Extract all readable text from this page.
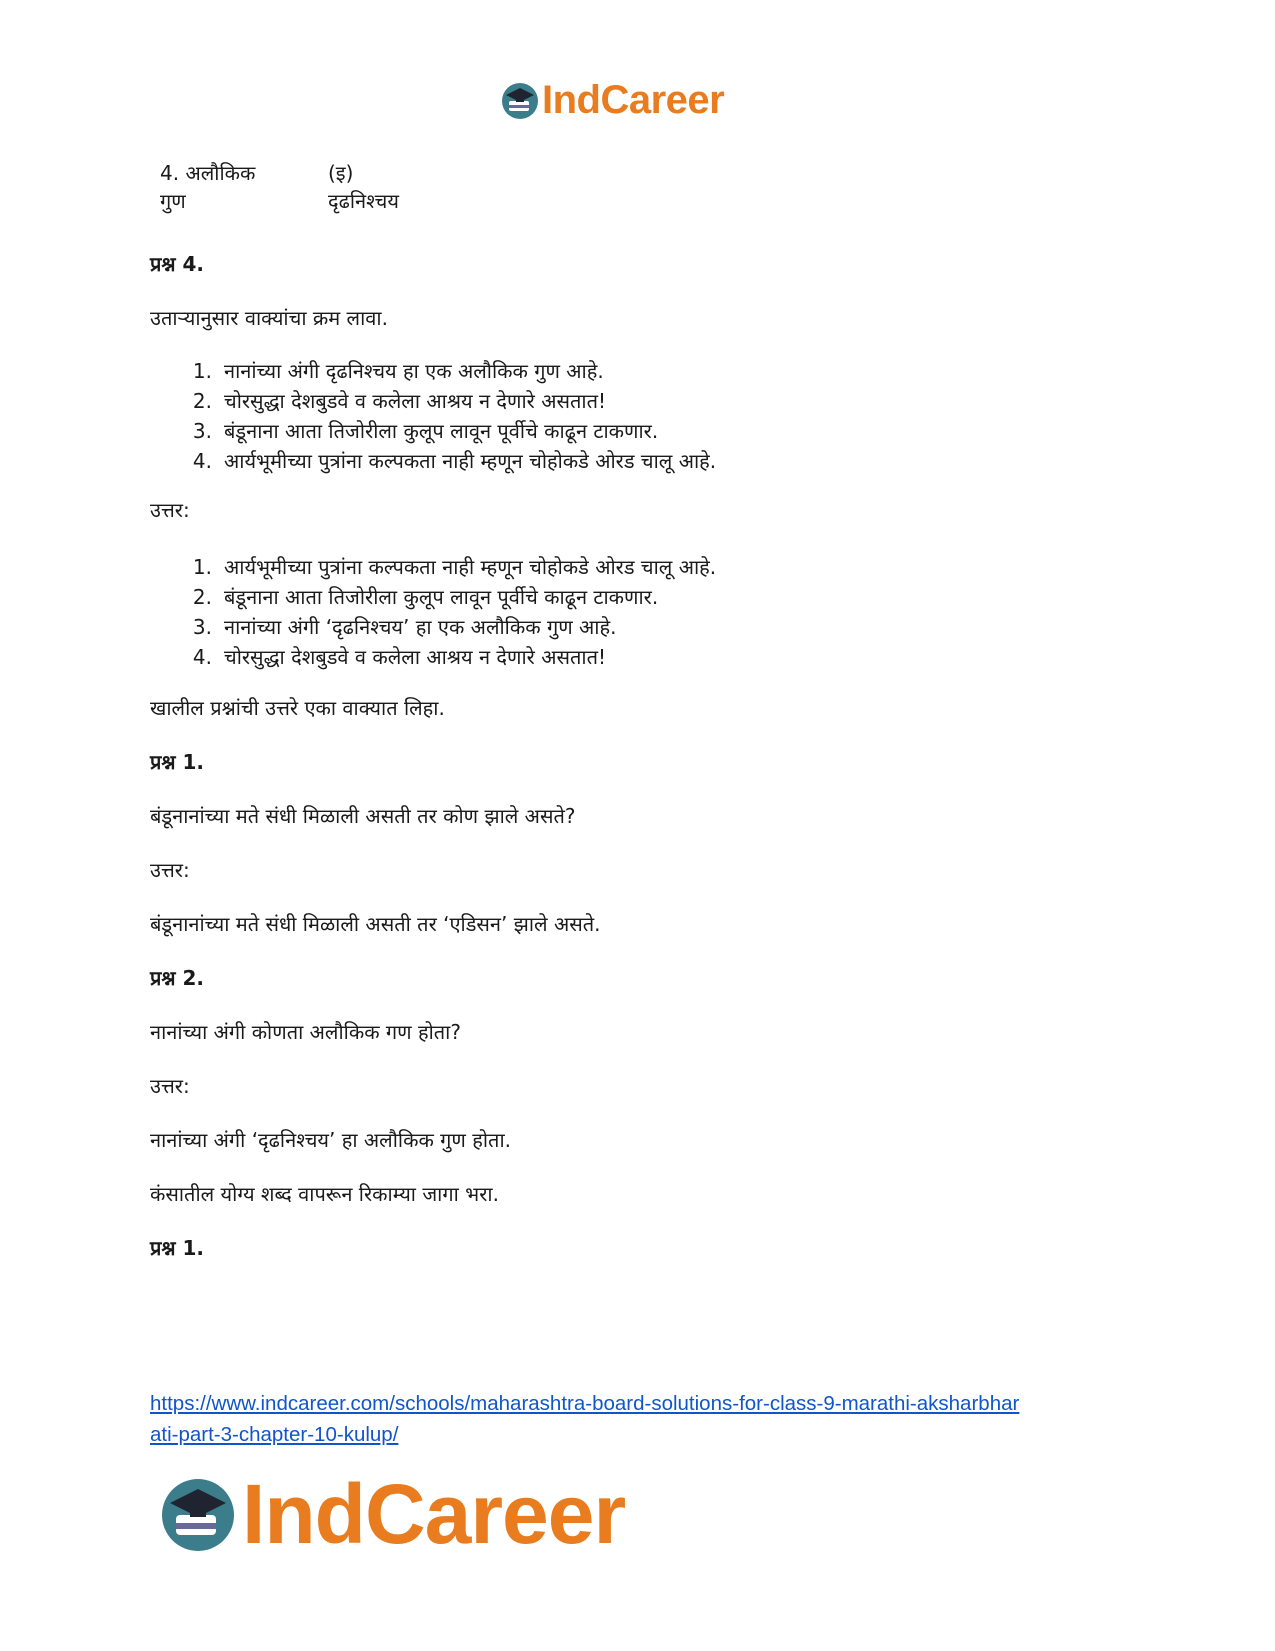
IndCareer
4. अलौकिक
गुण
(इ)
दृढनिश्चय
प्रश्न 4.
उताऱ्यानुसार वाक्यांचा क्रम लावा.
1. नानांच्या अंगी दृढनिश्चय हा एक अलौकिक गुण आहे.
2. चोरसुद्धा देशबुडवे व कलेला आश्रय न देणारे असतात!
3. बंडूनाना आता तिजोरीला कुलूप लावून पूर्वीचे काढून टाकणार.
4. आर्यभूमीच्या पुत्रांना कल्पकता नाही म्हणून चोहोकडे ओरड चालू आहे.
उत्तर:
1. आर्यभूमीच्या पुत्रांना कल्पकता नाही म्हणून चोहोकडे ओरड चालू आहे.
2. बंडूनाना आता तिजोरीला कुलूप लावून पूर्वीचे काढून टाकणार.
3. नानांच्या अंगी ‘दृढनिश्चय’ हा एक अलौकिक गुण आहे.
4. चोरसुद्धा देशबुडवे व कलेला आश्रय न देणारे असतात!
खालील प्रश्नांची उत्तरे एका वाक्यात लिहा.
प्रश्न 1.
बंडूनानांच्या मते संधी मिळाली असती तर कोण झाले असते?
उत्तर:
बंडूनानांच्या मते संधी मिळाली असती तर ‘एडिसन’ झाले असते.
प्रश्न 2.
नानांच्या अंगी कोणता अलौकिक गण होता?
उत्तर:
नानांच्या अंगी ‘दृढनिश्चय’ हा अलौकिक गुण होता.
कंसातील योग्य शब्द वापरून रिकाम्या जागा भरा.
प्रश्न 1.
https://www.indcareer.com/schools/maharashtra-board-solutions-for-class-9-marathi-aksharbhar
ati-part-3-chapter-10-kulup/
IndCareer
